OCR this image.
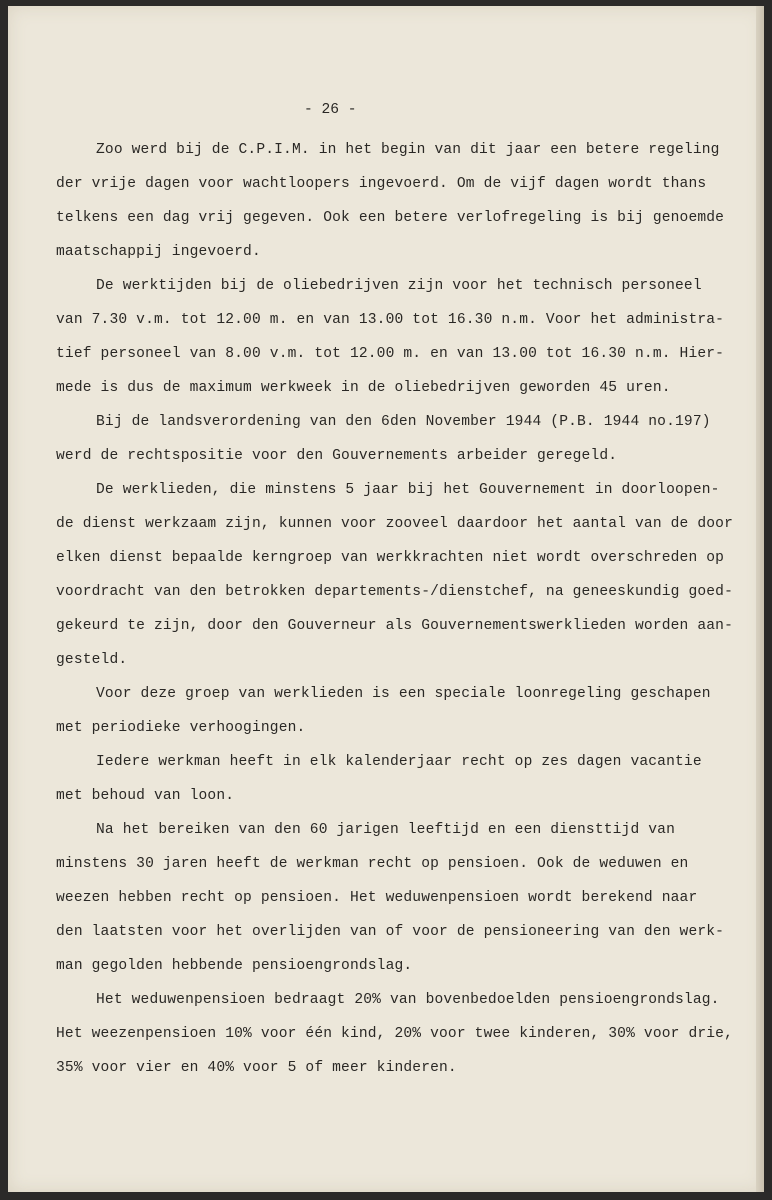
- 26 -
Zoo werd bij de C.P.I.M. in het begin van dit jaar een betere regeling
der vrije dagen voor wachtloopers ingevoerd. Om de vijf dagen wordt thans
telkens een dag vrij gegeven. Ook een betere verlofregeling is bij genoemde
maatschappij ingevoerd.
De werktijden bij de oliebedrijven zijn voor het technisch personeel
van 7.30 v.m. tot 12.00 m. en van 13.00 tot 16.30 n.m. Voor het administra-
tief personeel van 8.00 v.m. tot 12.00 m. en van 13.00 tot 16.30 n.m. Hier-
mede is dus de maximum werkweek in de oliebedrijven geworden 45 uren.
Bij de landsverordening van den 6den November 1944 (P.B. 1944 no.197)
werd de rechtspositie voor den Gouvernements arbeider geregeld.
De werklieden, die minstens 5 jaar bij het Gouvernement in doorloopen-
de dienst werkzaam zijn, kunnen voor zooveel daardoor het aantal van de door
elken dienst bepaalde kerngroep van werkkrachten niet wordt overschreden op
voordracht van den betrokken departements-/dienstchef, na geneeskundig goed-
gekeurd te zijn, door den Gouverneur als Gouvernementswerklieden worden aan-
gesteld.
Voor deze groep van werklieden is een speciale loonregeling geschapen
met periodieke verhoogingen.
Iedere werkman heeft in elk kalenderjaar recht op zes dagen vacantie
met behoud van loon.
Na het bereiken van den 60 jarigen leeftijd en een diensttijd van
minstens 30 jaren heeft de werkman recht op pensioen. Ook de weduwen en
weezen hebben recht op pensioen. Het weduwenpensioen wordt berekend naar
den laatsten voor het overlijden van of voor de pensioneering van den werk-
man gegolden hebbende pensioengrondslag.
Het weduwenpensioen bedraagt 20% van bovenbedoelden pensioengrondslag.
Het weezenpensioen 10% voor één kind, 20% voor twee kinderen, 30% voor drie,
35% voor vier en 40% voor 5 of meer kinderen.
